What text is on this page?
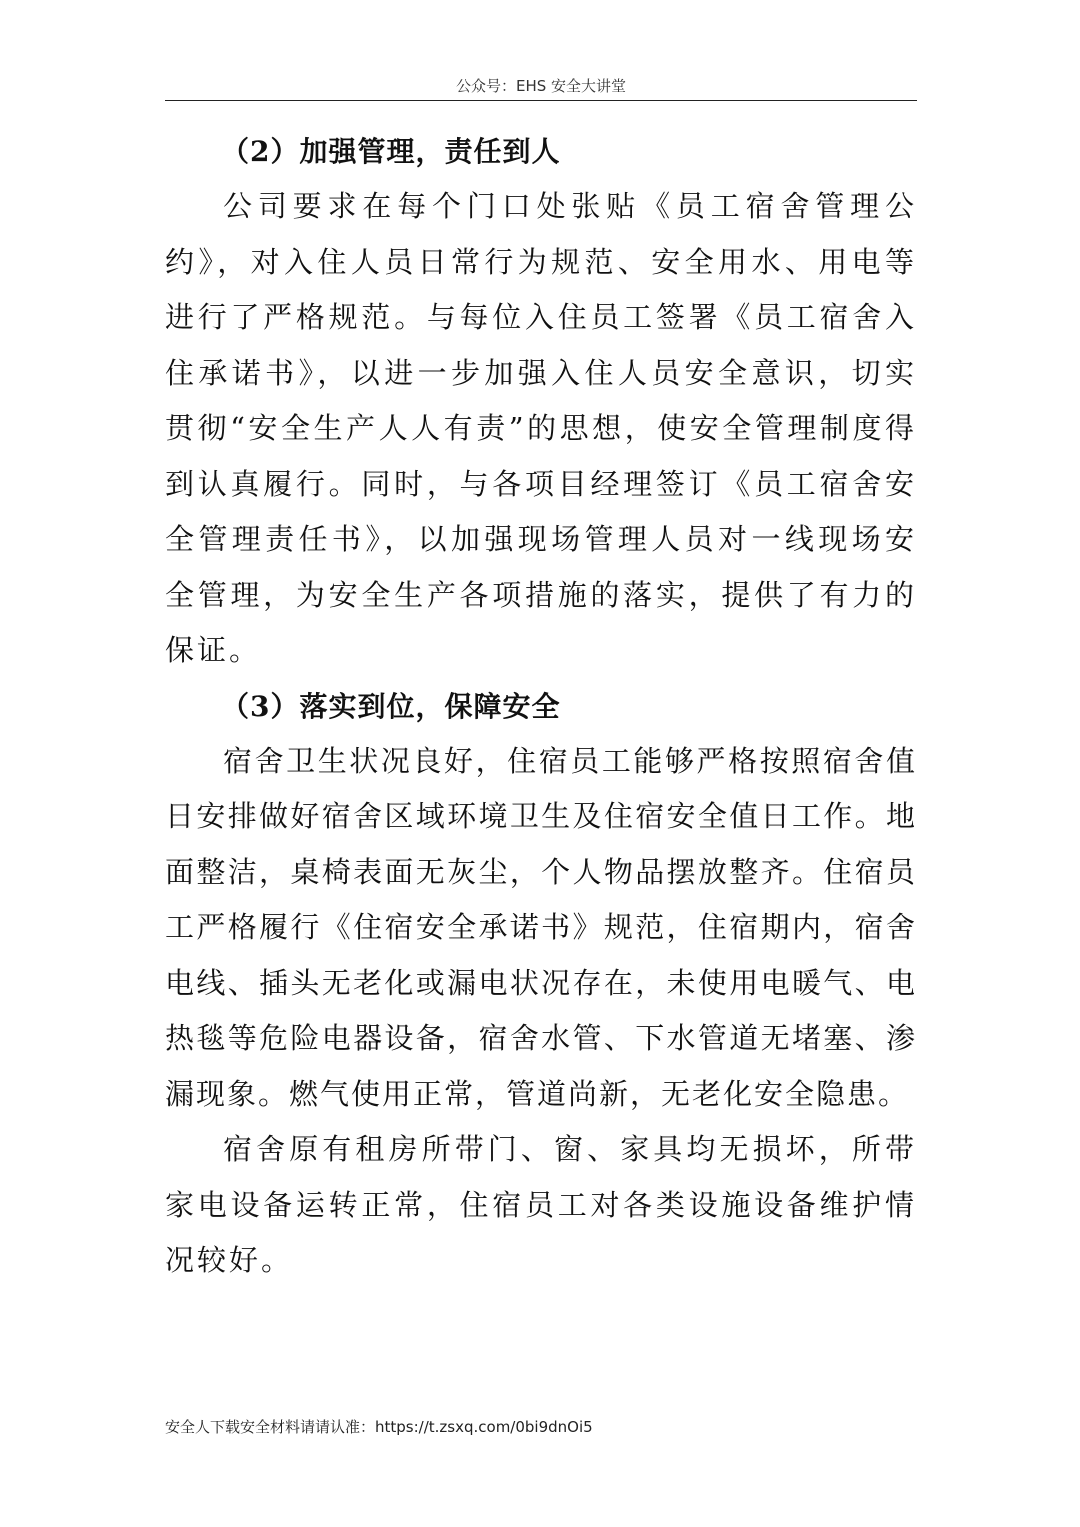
公众号：EHS 安全大讲堂
（2）加强管理，责任到人

公司要求在每个门口处张贴《员工宿舍管理公约》，对入住人员日常行为规范、安全用水、用电等进行了严格规范。与每位入住员工签署《员工宿舍入住承诺书》，以进一步加强入住人员安全意识，切实贯彻“安全生产人人有责”的思想，使安全管理制度得到认真履行。同时，与各项目经理签订《员工宿舍安全管理责任书》，以加强现场管理人员对一线现场安全管理，为安全生产各项措施的落实，提供了有力的保证。

（3）落实到位，保障安全

宿舍卫生状况良好，住宿员工能够严格按照宿舍值日安排做好宿舍区域环境卫生及住宿安全值日工作。地面整洁，桌椅表面无灰尘，个人物品摆放整齐。住宿员工严格履行《住宿安全承诺书》规范，住宿期内，宿舍电线、插头无老化或漏电状况存在，未使用电暖气、电热毯等危险电器设备，宿舍水管、下水管道无堵塞、渗漏现象。燃气使用正常，管道尚新，无老化安全隐患。

宿舍原有租房所带门、窗、家具均无损坏，所带家电设备运转正常，住宿员工对各类设施设备维护情况较好。

安全人下载安全材料请请认准：https://t.zsxq.com/0bi9dnOi5
